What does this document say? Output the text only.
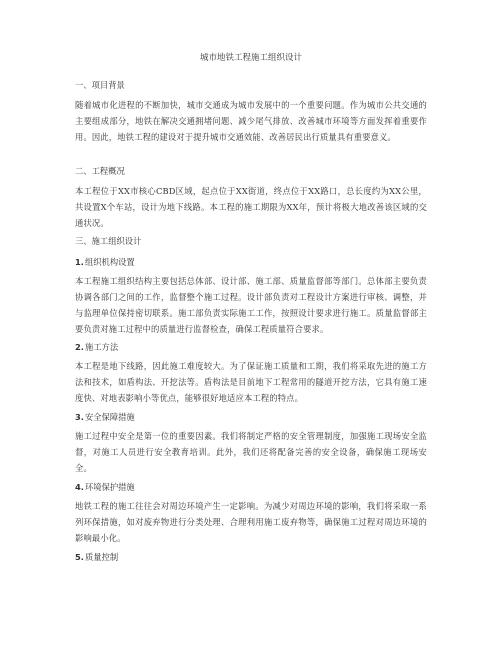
城市地铁工程施工组织设计
一、项目背景
随着城市化进程的不断加快，城市交通成为城市发展中的一个重要问题。作为城市公共交通的主要组成部分，地铁在解决交通拥堵问题、减少尾气排放、改善城市环境等方面发挥着重要作用。因此，地铁工程的建设对于提升城市交通效能、改善居民出行质量具有重要意义。
二、工程概况
本工程位于XX市核心CBD区域，起点位于XX街道，终点位于XX路口，总长度约为XX公里，共设置X个车站，设计为地下线路。本工程的施工期限为XX年，预计将极大地改善该区域的交通状况。
三、施工组织设计
1.组织机构设置
本工程施工组织结构主要包括总体部、设计部、施工部、质量监督部等部门。总体部主要负责协调各部门之间的工作，监督整个施工过程。设计部负责对工程设计方案进行审核、调整，并与监理单位保持密切联系。施工部负责实际施工工作，按照设计要求进行施工。质量监督部主要负责对施工过程中的质量进行监督检查，确保工程质量符合要求。
2.施工方法
本工程是地下线路，因此施工难度较大。为了保证施工质量和工期，我们将采取先进的施工方法和技术，如盾构法、开挖法等。盾构法是目前地下工程常用的隧道开挖方法，它具有施工速度快、对地表影响小等优点，能够很好地适应本工程的特点。
3.安全保障措施
施工过程中安全是第一位的重要因素。我们将制定严格的安全管理制度，加强施工现场安全监督，对施工人员进行安全教育培训。此外，我们还将配备完善的安全设备，确保施工现场安全。
4.环境保护措施
地铁工程的施工往往会对周边环境产生一定影响。为减少对周边环境的影响，我们将采取一系列环保措施，如对废弃物进行分类处理、合理利用施工废弃物等，确保施工过程对周边环境的影响最小化。
5.质量控制
